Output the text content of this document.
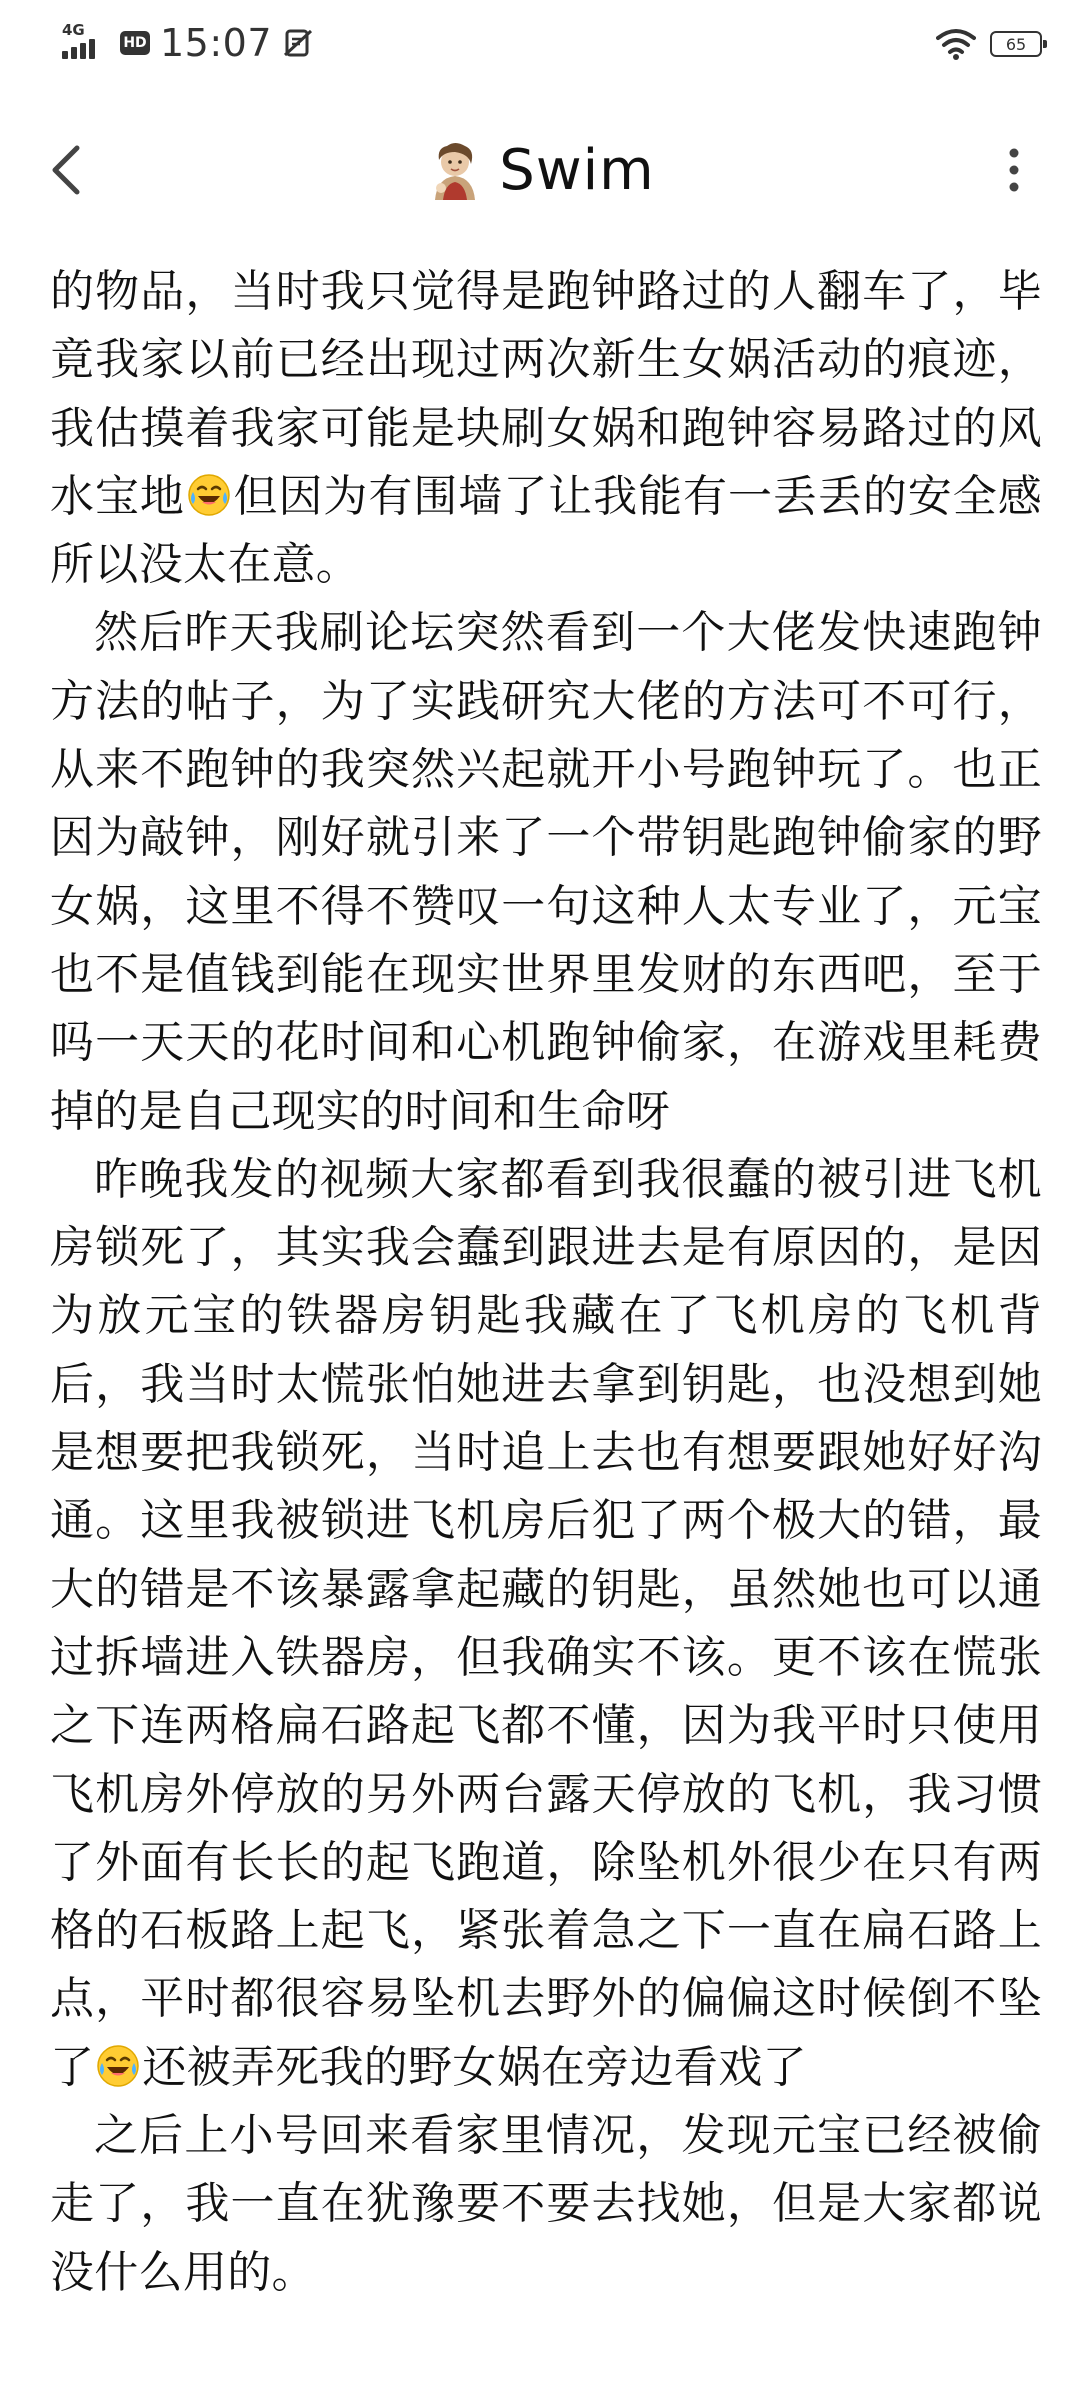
4G
HD 15:07	65
Swim

的物品，当时我只觉得是跑钟路过的人翻车了，毕竟我家以前已经出现过两次新生女娲活动的痕迹，我估摸着我家可能是块刷女娲和跑钟容易路过的风水宝地 但因为有围墙了让我能有一丢丢的安全感所以没太在意。

然后昨天我刷论坛突然看到一个大佬发快速跑钟方法的帖子，为了实践研究大佬的方法可不可行，从来不跑钟的我突然兴起就开小号跑钟玩了。也正因为敲钟，刚好就引来了一个带钥匙跑钟偷家的野女娲，这里不得不赞叹一句这种人太专业了，元宝也不是值钱到能在现实世界里发财的东西吧，至于吗一天天的花时间和心机跑钟偷家，在游戏里耗费掉的是自己现实的时间和生命呀

昨晚我发的视频大家都看到我很蠢的被引进飞机房锁死了，其实我会蠢到跟进去是有原因的，是因为放元宝的铁器房钥匙我藏在了飞机房的飞机背后，我当时太慌张怕她进去拿到钥匙，也没想到她是想要把我锁死，当时追上去也有想要跟她好好沟通。这里我被锁进飞机房后犯了两个极大的错，最大的错是不该暴露拿起藏的钥匙，虽然她也可以通过拆墙进入铁器房，但我确实不该。更不该在慌张之下连两格扁石路起飞都不懂，因为我平时只使用飞机房外停放的另外两台露天停放的飞机，我习惯了外面有长长的起飞跑道，除坠机外很少在只有两格的石板路上起飞，紧张着急之下一直在扁石路上点，平时都很容易坠机去野外的偏偏这时候倒不坠了 还被弄死我的野女娲在旁边看戏了

之后上小号回来看家里情况，发现元宝已经被偷走了，我一直在犹豫要不要去找她，但是大家都说没什么用的。
